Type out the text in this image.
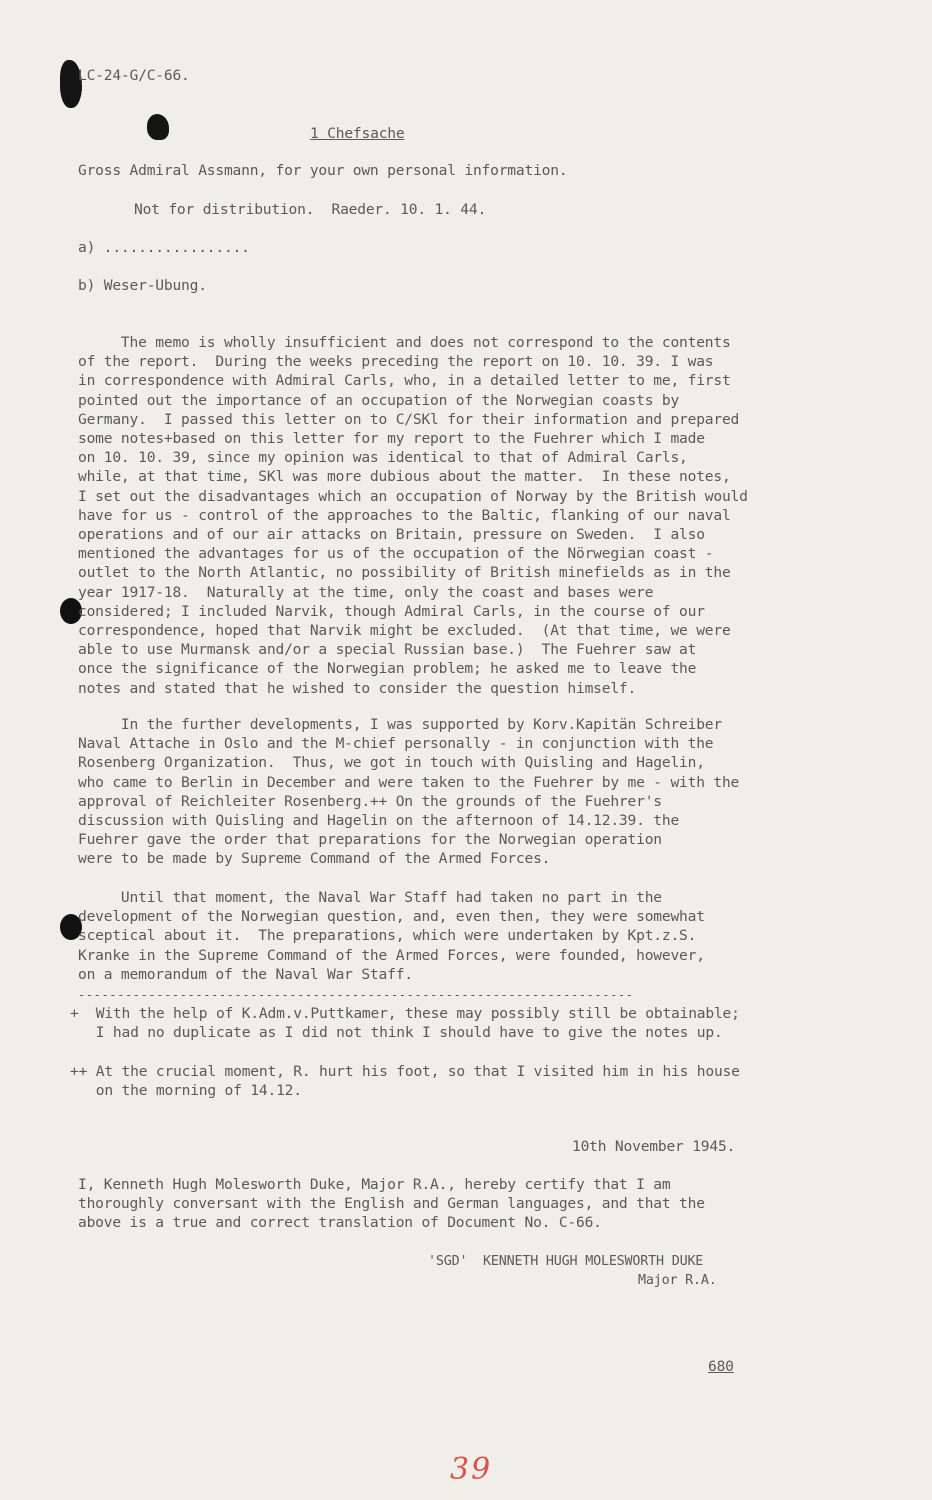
LC-24-G/C-66.
1 Chefsache
Gross Admiral Assmann, for your own personal information.
Not for distribution.  Raeder. 10. 1. 44.
a) .................
b) Weser-Ubung.
The memo is wholly insufficient and does not correspond to the contents
of the report.  During the weeks preceding the report on 10. 10. 39. I was
in correspondence with Admiral Carls, who, in a detailed letter to me, first
pointed out the importance of an occupation of the Norwegian coasts by
Germany.  I passed this letter on to C/SKl for their information and prepared
some notes+based on this letter for my report to the Fuehrer which I made
on 10. 10. 39, since my opinion was identical to that of Admiral Carls,
while, at that time, SKl was more dubious about the matter.  In these notes,
I set out the disadvantages which an occupation of Norway by the British would
have for us - control of the approaches to the Baltic, flanking of our naval
operations and of our air attacks on Britain, pressure on Sweden.  I also
mentioned the advantages for us of the occupation of the Nörwegian coast -
outlet to the North Atlantic, no possibility of British minefields as in the
year 1917-18.  Naturally at the time, only the coast and bases were
considered; I included Narvik, though Admiral Carls, in the course of our
correspondence, hoped that Narvik might be excluded.  (At that time, we were
able to use Murmansk and/or a special Russian base.)  The Fuehrer saw at
once the significance of the Norwegian problem; he asked me to leave the
notes and stated that he wished to consider the question himself.
In the further developments, I was supported by Korv.Kapitän Schreiber
Naval Attache in Oslo and the M-chief personally - in conjunction with the
Rosenberg Organization.  Thus, we got in touch with Quisling and Hagelin,
who came to Berlin in December and were taken to the Fuehrer by me - with the
approval of Reichleiter Rosenberg.++ On the grounds of the Fuehrer's
discussion with Quisling and Hagelin on the afternoon of 14.12.39. the
Fuehrer gave the order that preparations for the Norwegian operation
were to be made by Supreme Command of the Armed Forces.
Until that moment, the Naval War Staff had taken no part in the
development of the Norwegian question, and, even then, they were somewhat
sceptical about it.  The preparations, which were undertaken by Kpt.z.S.
Kranke in the Supreme Command of the Armed Forces, were founded, however,
on a memorandum of the Naval War Staff.
-----------------------------------------------------------------------
+  With the help of K.Adm.v.Puttkamer, these may possibly still be obtainable;
I had no duplicate as I did not think I should have to give the notes up.
++ At the crucial moment, R. hurt his foot, so that I visited him in his house
on the morning of 14.12.
10th November 1945.
I, Kenneth Hugh Molesworth Duke, Major R.A., hereby certify that I am
thoroughly conversant with the English and German languages, and that the
above is a true and correct translation of Document No. C-66.
'SGD'  KENNETH HUGH MOLESWORTH DUKE
Major R.A.
680
39
